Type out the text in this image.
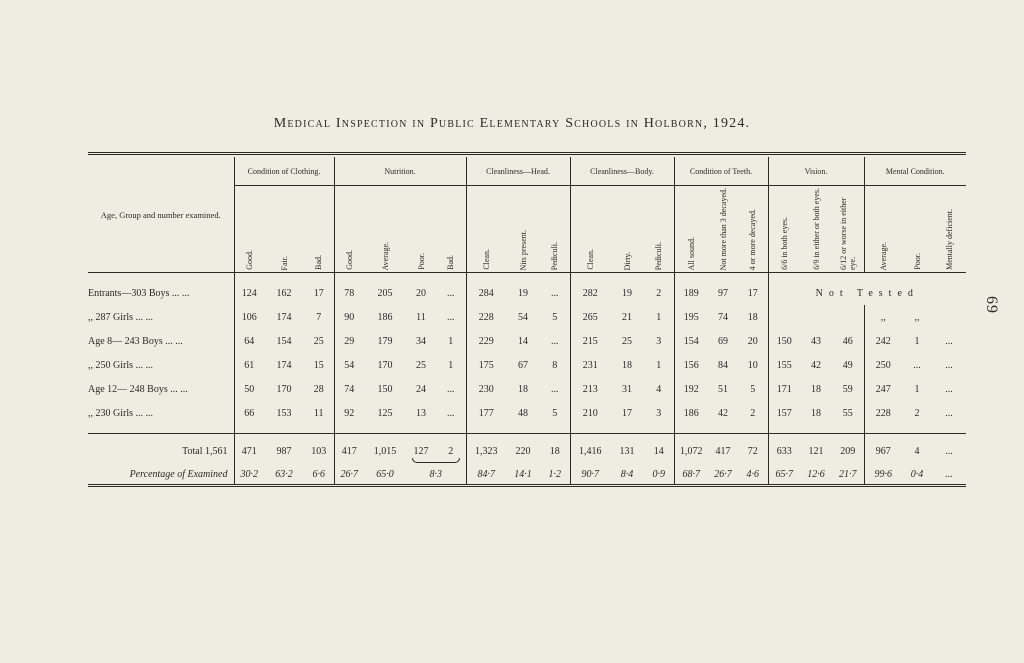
69
Medical Inspection in Public Elementary Schools in Holborn, 1924.

Age, Group and number examined.	Condition of Clothing.			Nutrition.				Cleanliness—Head.			Cleanliness—Body.			Condition of Teeth.			Vision.			Mental Condition.		
	Good.	Fair.	Bad.	Good.	Average.	Poor.	Bad.	Clean.	Nits present.	Pediculi.	Clean.	Dirty.	Pediculi.	All sound.	Not more than 3 decayed.	4 or more decayed.	6/6 in both eyes.	6/9 in either or both eyes.	6/12 or worse in either eye.	Average.	Poor.	Mentally deficient.
Entrants—303 Boys ... ...	124	162	17	78	205	20	...	284	19	...	282	19	2	189	97	17	Not Tested					
,, 287 Girls ... ...	106	174	7	90	186	11	...	228	54	5	265	21	1	195	74	18				,,	,,	
Age 8— 243 Boys ... ...	64	154	25	29	179	34	1	229	14	...	215	25	3	154	69	20	150	43	46	242	1	...
,, 250 Girls ... ...	61	174	15	54	170	25	1	175	67	8	231	18	1	156	84	10	155	42	49	250	...	...
Age 12— 248 Boys ... ...	50	170	28	74	150	24	...	230	18	...	213	31	4	192	51	5	171	18	59	247	1	...
,, 230 Girls ... ...	66	153	11	92	125	13	...	177	48	5	210	17	3	186	42	2	157	18	55	228	2	...

Total 1,561	471	987	103	417	1,015	127	2	1,323	220	18	1,416	131	14	1,072	417	72	633	121	209	967	4	...
Percentage of Examined	30·2	63·2	6·6	26·7	65·0	8·3		84·7	14·1	1·2	90·7	8·4	0·9	68·7	26·7	4·6	65·7	12·6	21·7	99·6	0·4	...
